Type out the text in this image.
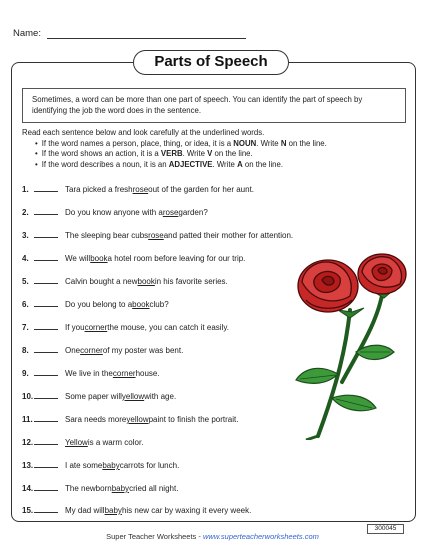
Name:
Parts of Speech
Sometimes, a word can be more than one part of speech. You can identify the part of speech by identifying the job the word does in the sentence.
Read each sentence below and look carefully at the underlined words.
• If the word names a person, place, thing, or idea, it is a NOUN. Write N on the line.
• If the word shows an action, it is a VERB. Write V on the line.
• If the word describes a noun, it is an ADJECTIVE. Write A on the line.
1.	Tara picked a fresh rose out of the garden for her aunt.
2.	Do you know anyone with a rose garden?
3.	The sleeping bear cubs rose and patted their mother for attention.
4.	We will book a hotel room before leaving for our trip.
5.	Calvin bought a new book in his favorite series.
6.	Do you belong to a book club?
7.	If you corner the mouse, you can catch it easily.
8.	One corner of my poster was bent.
9.	We live in the corner house.
10.	Some paper will yellow with age.
11.	Sara needs more yellow paint to finish the portrait.
12.	Yellow is a warm color.
13.	I ate some baby carrots for lunch.
14.	The newborn baby cried all night.
15.	My dad will baby his new car by waxing it every week.
Super Teacher Worksheets - www.superteacherworksheets.com
300045
